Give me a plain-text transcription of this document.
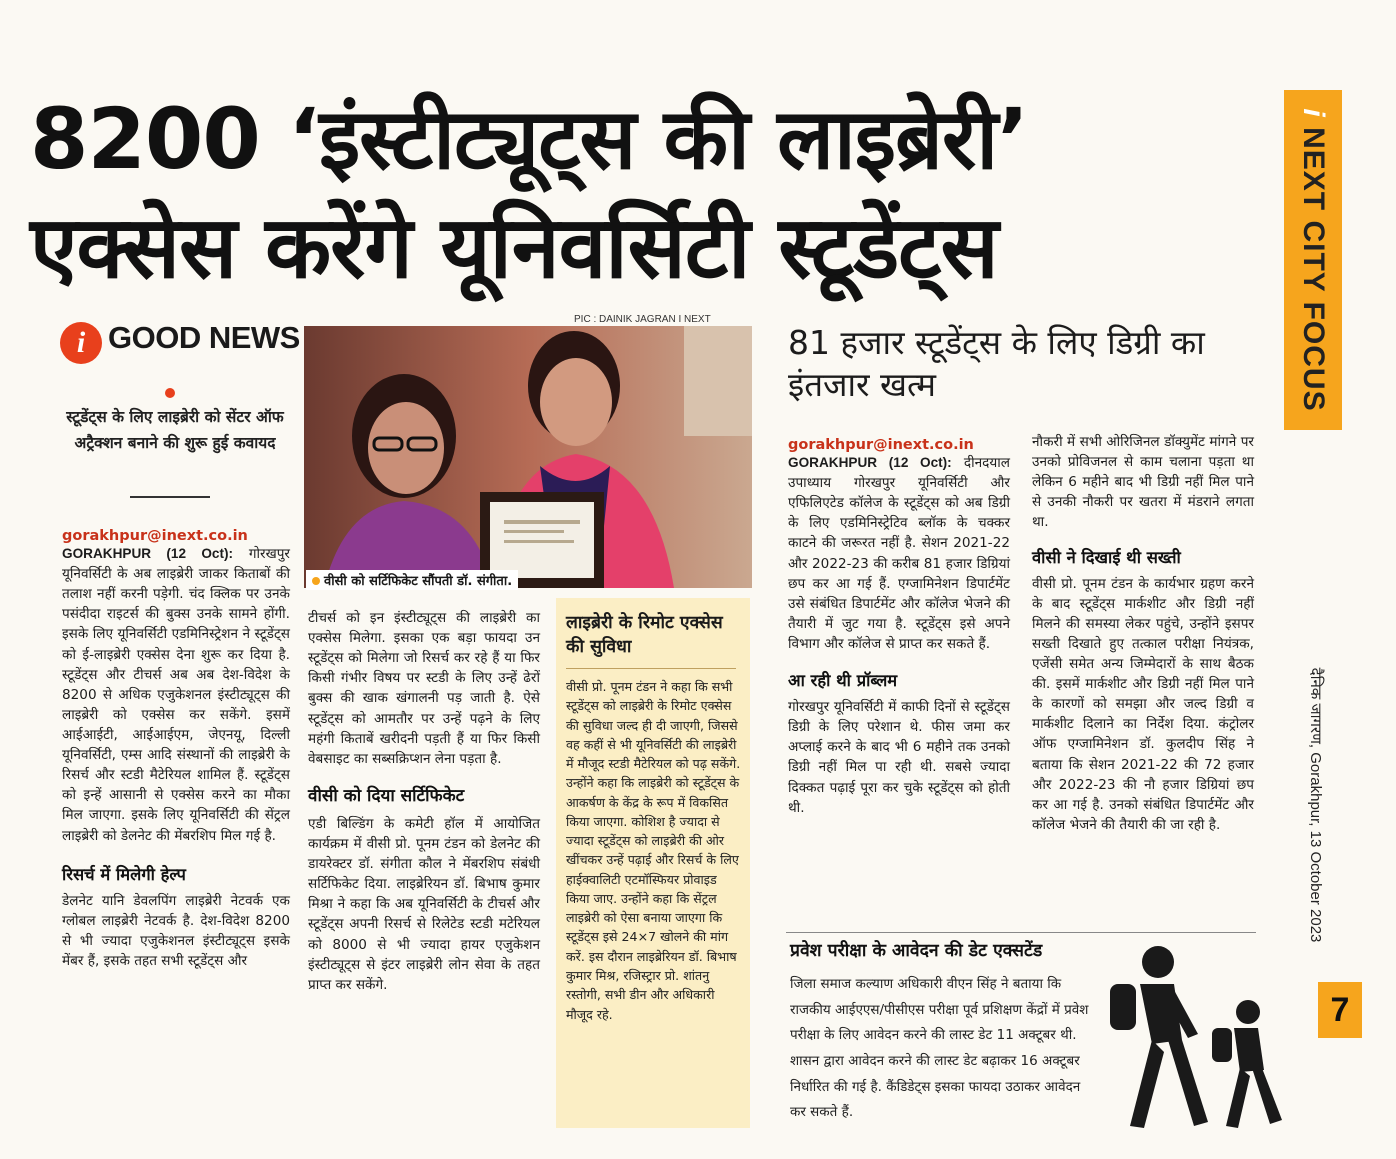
8200 ‘इंस्टीट्यूट्स की लाइब्रेरी’
एक्सेस करेंगे यूनिवर्सिटी स्टूडेंट्स
i NEXT CITY FOCUS
दैनिक जागरण, Gorakhpur, 13 October 2023
7
i GOOD NEWS
स्टूडेंट्स के लिए लाइब्रेरी को सेंटर ऑफ अट्रैक्शन बनाने की शुरू हुई कवायद
gorakhpur@inext.co.in
GORAKHPUR (12 Oct): गोरखपुर यूनिवर्सिटी के अब लाइब्रेरी जाकर किताबों की तलाश नहीं करनी पड़ेगी. चंद क्लिक पर उनके पसंदीदा राइटर्स की बुक्स उनके सामने होंगी. इसके लिए यूनिवर्सिटी एडमिनिस्ट्रेशन ने स्टूडेंट्स को ई-लाइब्रेरी एक्सेस देना शुरू कर दिया है. स्टूडेंट्स और टीचर्स अब अब देश-विदेश के 8200 से अधिक एजुकेशनल इंस्टीट्यूट्स की लाइब्रेरी को एक्सेस कर सकेंगे. इसमें आईआईटी, आईआईएम, जेएनयू, दिल्ली यूनिवर्सिटी, एम्स आदि संस्थानों की लाइब्रेरी के रिसर्च और स्टडी मैटेरियल शामिल हैं. स्टूडेंट्स को इन्हें आसानी से एक्सेस करने का मौका मिल जाएगा. इसके लिए यूनिवर्सिटी की सेंट्रल लाइब्रेरी को डेलनेट की मेंबरशिप मिल गई है.
रिसर्च में मिलेगी हेल्प
डेलनेट यानि डेवलपिंग लाइब्रेरी नेटवर्क एक ग्लोबल लाइब्रेरी नेटवर्क है. देश-विदेश 8200 से भी ज्यादा एजुकेशनल इंस्टीट्यूट्स इसके मेंबर हैं, इसके तहत सभी स्टूडेंट्स और
टीचर्स को इन इंस्टीट्यूट्स की लाइब्रेरी का एक्सेस मिलेगा. इसका एक बड़ा फायदा उन स्टूडेंट्स को मिलेगा जो रिसर्च कर रहे हैं या फिर किसी गंभीर विषय पर स्टडी के लिए उन्हें ढेरों बुक्स की खाक खंगालनी पड़ जाती है. ऐसे स्टूडेंट्स को आमतौर पर उन्हें पढ़ने के लिए महंगी किताबें खरीदनी पड़ती हैं या फिर किसी वेबसाइट का सब्सक्रिप्शन लेना पड़ता है.
वीसी को दिया सर्टिफिकेट
एडी बिल्डिंग के कमेटी हॉल में आयोजित कार्यक्रम में वीसी प्रो. पूनम टंडन को डेलनेट की डायरेक्टर डॉ. संगीता कौल ने मेंबरशिप संबंधी सर्टिफिकेट दिया. लाइब्रेरियन डॉ. बिभाष कुमार मिश्रा ने कहा कि अब यूनिवर्सिटी के टीचर्स और स्टूडेंट्स अपनी रिसर्च से रिलेटेड स्टडी मटेरियल को 8000 से भी ज्यादा हायर एजुकेशन इंस्टीट्यूट्स से इंटर लाइब्रेरी लोन सेवा के तहत प्राप्त कर सकेंगे.
PIC : DAINIK JAGRAN I NEXT
वीसी को सर्टिफिकेट सौंपती डॉ. संगीता.
लाइब्रेरी के रिमोट एक्सेस की सुविधा
वीसी प्रो. पूनम टंडन ने कहा कि सभी स्टूडेंट्स को लाइब्रेरी के रिमोट एक्सेस की सुविधा जल्द ही दी जाएगी, जिससे वह कहीं से भी यूनिवर्सिटी की लाइब्रेरी में मौजूद स्टडी मैटेरियल को पढ़ सकेंगे. उन्होंने कहा कि लाइब्रेरी को स्टूडेंट्स के आकर्षण के केंद्र के रूप में विकसित किया जाएगा. कोशिश है ज्यादा से ज्यादा स्टूडेंट्स को लाइब्रेरी की ओर खींचकर उन्हें पढ़ाई और रिसर्च के लिए हाईक्वालिटी एटमॉस्फियर प्रोवाइड किया जाए. उन्होंने कहा कि सेंट्रल लाइब्रेरी को ऐसा बनाया जाएगा कि स्टूडेंट्स इसे 24×7 खोलने की मांग करें. इस दौरान लाइब्रेरियन डॉ. बिभाष कुमार मिश्र, रजिस्ट्रार प्रो. शांतनु रस्तोगी, सभी डीन और अधिकारी मौजूद रहे.
81 हजार स्टूडेंट्स के लिए डिग्री का इंतजार खत्म
gorakhpur@inext.co.in
GORAKHPUR (12 Oct): दीनदयाल उपाध्याय गोरखपुर यूनिवर्सिटी और एफिलिएटेड कॉलेज के स्टूडेंट्स को अब डिग्री के लिए एडमिनिस्ट्रेटिव ब्लॉक के चक्कर काटने की जरूरत नहीं है. सेशन 2021-22 और 2022-23 की करीब 81 हजार डिग्रियां छप कर आ गई हैं. एग्जामिनेशन डिपार्टमेंट उसे संबंधित डिपार्टमेंट और कॉलेज भेजने की तैयारी में जुट गया है. स्टूडेंट्स इसे अपने विभाग और कॉलेज से प्राप्त कर सकते हैं.
आ रही थी प्रॉब्लम
गोरखपुर यूनिवर्सिटी में काफी दिनों से स्टूडेंट्स डिग्री के लिए परेशान थे. फीस जमा कर अप्लाई करने के बाद भी 6 महीने तक उनको डिग्री नहीं मिल पा रही थी. सबसे ज्यादा दिक्कत पढ़ाई पूरा कर चुके स्टूडेंट्स को होती थी.
नौकरी में सभी ओरिजिनल डॉक्युमेंट मांगने पर उनको प्रोविजनल से काम चलाना पड़ता था लेकिन 6 महीने बाद भी डिग्री नहीं मिल पाने से उनकी नौकरी पर खतरा में मंडराने लगता था.
वीसी ने दिखाई थी सख्ती
वीसी प्रो. पूनम टंडन के कार्यभार ग्रहण करने के बाद स्टूडेंट्स मार्कशीट और डिग्री नहीं मिलने की समस्या लेकर पहुंचे, उन्होंने इसपर सख्ती दिखाते हुए तत्काल परीक्षा नियंत्रक, एजेंसी समेत अन्य जिम्मेदारों के साथ बैठक की. इसमें मार्कशीट और डिग्री नहीं मिल पाने के कारणों को समझा और जल्द डिग्री व मार्कशीट दिलाने का निर्देश दिया. कंट्रोलर ऑफ एग्जामिनेशन डॉ. कुलदीप सिंह ने बताया कि सेशन 2021-22 की 72 हजार और 2022-23 की नौ हजार डिग्रियां छप कर आ गई है. उनको संबंधित डिपार्टमेंट और कॉलेज भेजने की तैयारी की जा रही है.
प्रवेश परीक्षा के आवेदन की डेट एक्सटेंड
जिला समाज कल्याण अधिकारी वीएन सिंह ने बताया कि राजकीय आईएएस/पीसीएस परीक्षा पूर्व प्रशिक्षण केंद्रों में प्रवेश परीक्षा के लिए आवेदन करने की लास्ट डेट 11 अक्टूबर थी. शासन द्वारा आवेदन करने की लास्ट डेट बढ़ाकर 16 अक्टूबर निर्धारित की गई है. कैंडिडेट्स इसका फायदा उठाकर आवेदन कर सकते हैं.
